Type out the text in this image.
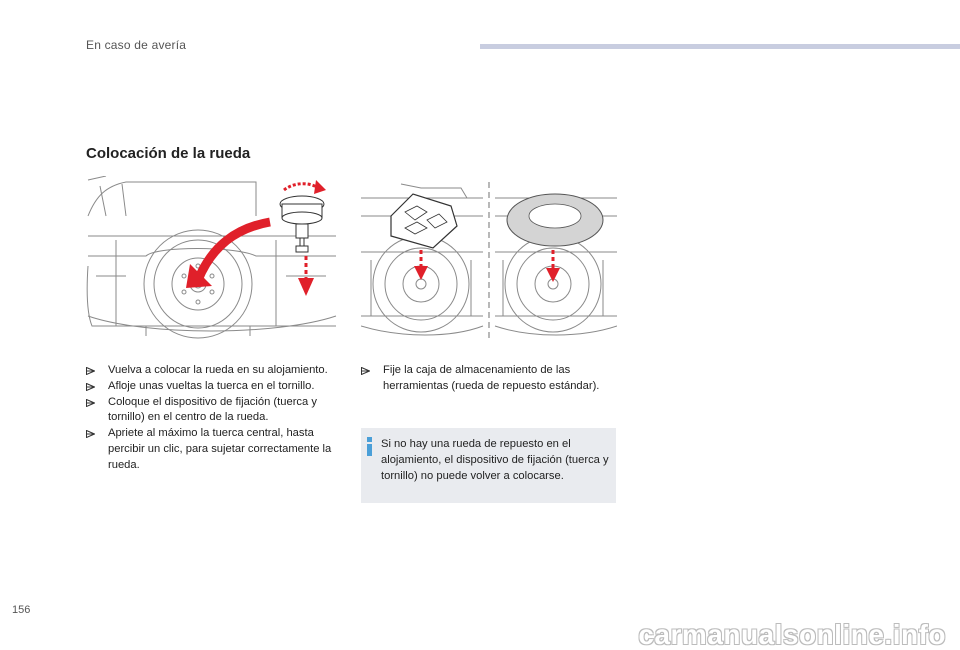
En caso de avería
Colocación de la rueda
Vuelva a colocar la rueda en su alojamiento.
Afloje unas vueltas la tuerca en el tornillo.
Coloque el dispositivo de fijación (tuerca y tornillo) en el centro de la rueda.
Apriete al máximo la tuerca central, hasta percibir un clic, para sujetar correctamente la rueda.
Fije la caja de almacenamiento de las herramientas (rueda de repuesto estándar).
Si no hay una rueda de repuesto en el alojamiento, el dispositivo de fijación (tuerca y tornillo) no puede volver a colocarse.
156
carmanualsonline.info
